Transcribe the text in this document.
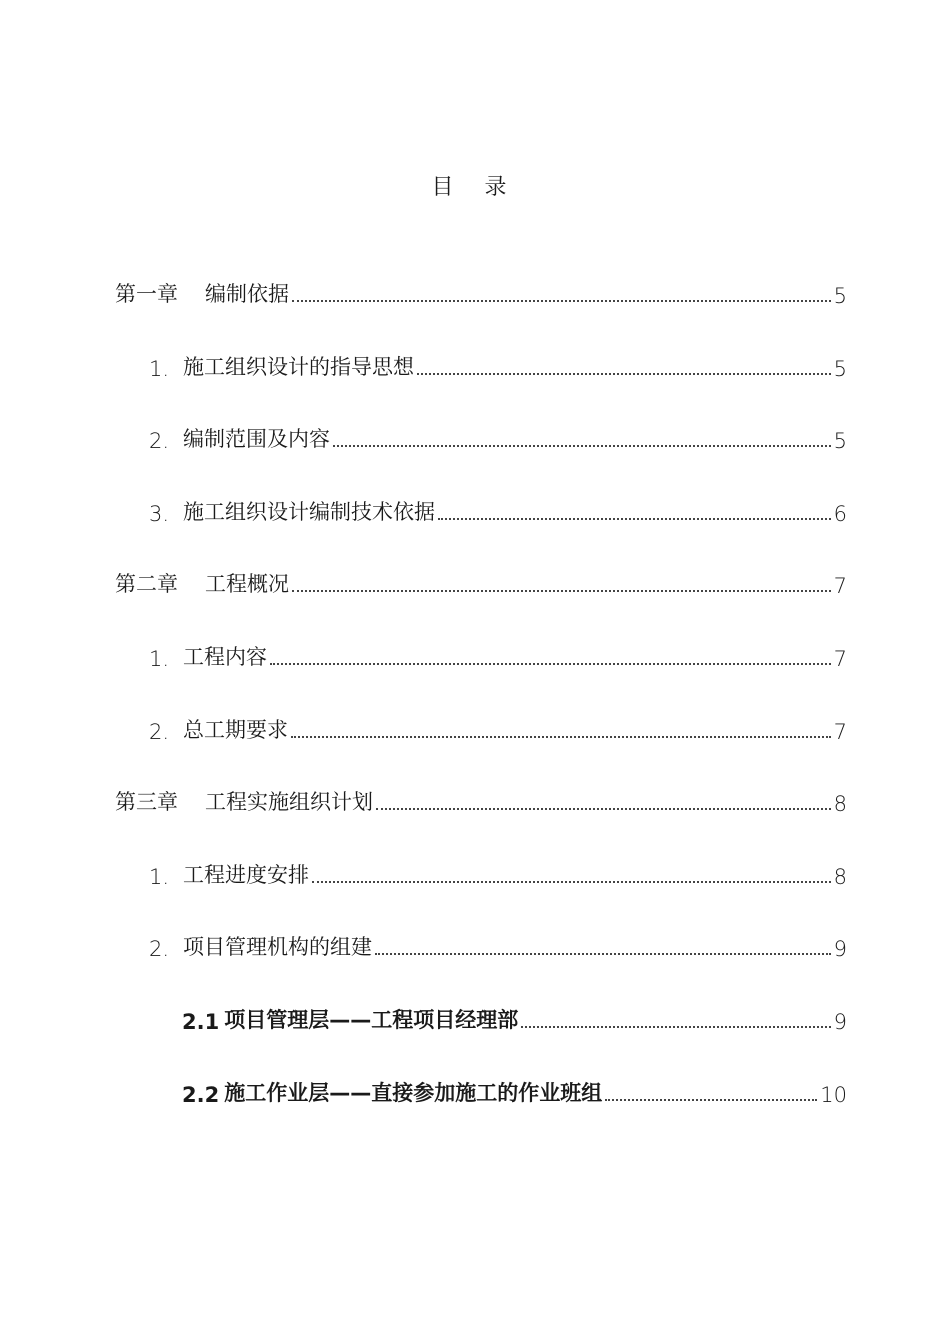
目 录
第一章	编制依据	5
1. 施工组织设计的指导思想	5
2. 编制范围及内容	5
3. 施工组织设计编制技术依据	6
第二章	工程概况	7
1. 工程内容	7
2. 总工期要求	7
第三章	工程实施组织计划	8
1. 工程进度安排	8
2. 项目管理机构的组建	9
2.1 项目管理层——工程项目经理部	9
2.2 施工作业层——直接参加施工的作业班组	10
